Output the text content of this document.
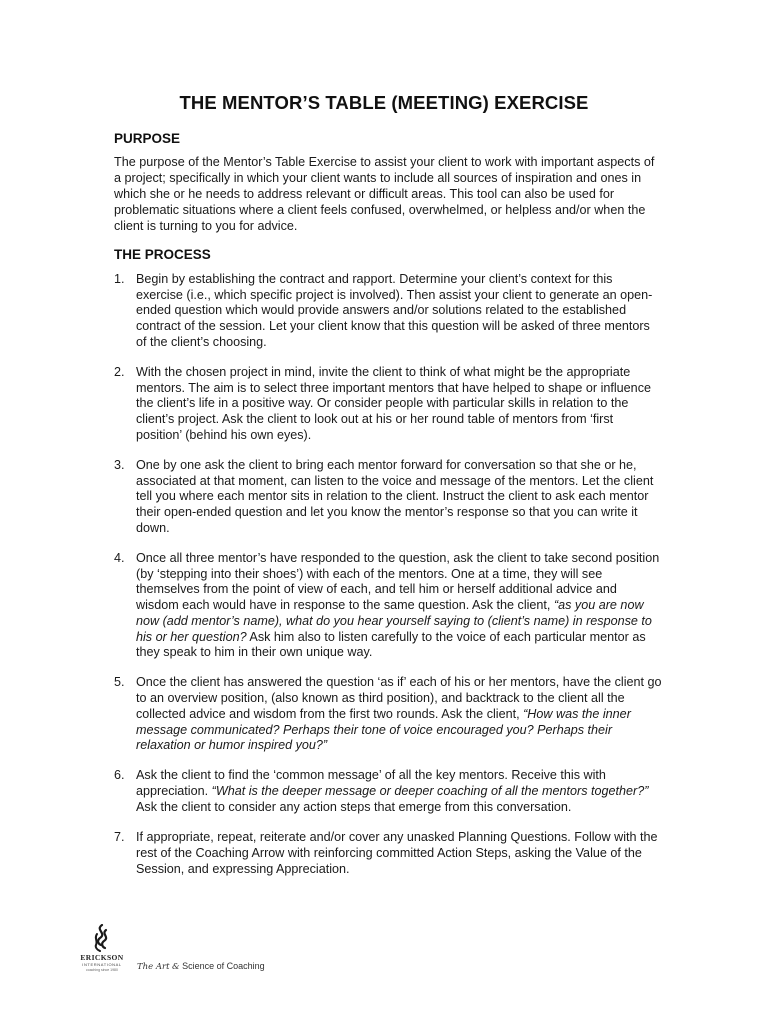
THE MENTOR’S TABLE (MEETING) EXERCISE
PURPOSE
The purpose of the Mentor’s Table Exercise to assist your client to work with important aspects of a project; specifically in which your client wants to include all sources of inspiration and ones in which she or he needs to address relevant or difficult areas. This tool can also be used for problematic situations where a client feels confused, overwhelmed, or helpless and/or when the client is turning to you for advice.
THE PROCESS
1. Begin by establishing the contract and rapport. Determine your client’s context for this exercise (i.e., which specific project is involved). Then assist your client to generate an open-ended question which would provide answers and/or solutions related to the established contract of the session. Let your client know that this question will be asked of three mentors of the client’s choosing.
2. With the chosen project in mind, invite the client to think of what might be the appropriate mentors. The aim is to select three important mentors that have helped to shape or influence the client’s life in a positive way. Or consider people with particular skills in relation to the client’s project. Ask the client to look out at his or her round table of mentors from ‘first position’ (behind his own eyes).
3. One by one ask the client to bring each mentor forward for conversation so that she or he, associated at that moment, can listen to the voice and message of the mentors. Let the client tell you where each mentor sits in relation to the client. Instruct the client to ask each mentor their open-ended question and let you know the mentor’s response so that you can write it down.
4. Once all three mentor’s have responded to the question, ask the client to take second position (by ‘stepping into their shoes’) with each of the mentors. One at a time, they will see themselves from the point of view of each, and tell him or herself additional advice and wisdom each would have in response to the same question. Ask the client, “as you are now now (add mentor’s name), what do you hear yourself saying to (client’s name) in response to his or her question? Ask him also to listen carefully to the voice of each particular mentor as they speak to him in their own unique way.
5. Once the client has answered the question ‘as if’ each of his or her mentors, have the client go to an overview position, (also known as third position), and backtrack to the client all the collected advice and wisdom from the first two rounds. Ask the client, “How was the inner message communicated? Perhaps their tone of voice encouraged you? Perhaps their relaxation or humor inspired you?”
6. Ask the client to find the ‘common message’ of all the key mentors. Receive this with appreciation. “What is the deeper message or deeper coaching of all the mentors together?” Ask the client to consider any action steps that emerge from this conversation.
7. If appropriate, repeat, reiterate and/or cover any unasked Planning Questions. Follow with the rest of the Coaching Arrow with reinforcing committed Action Steps, asking the Value of the Session, and expressing Appreciation.
ERICKSON
INTERNATIONAL
coaching since 1980	The Art & Science of Coaching
